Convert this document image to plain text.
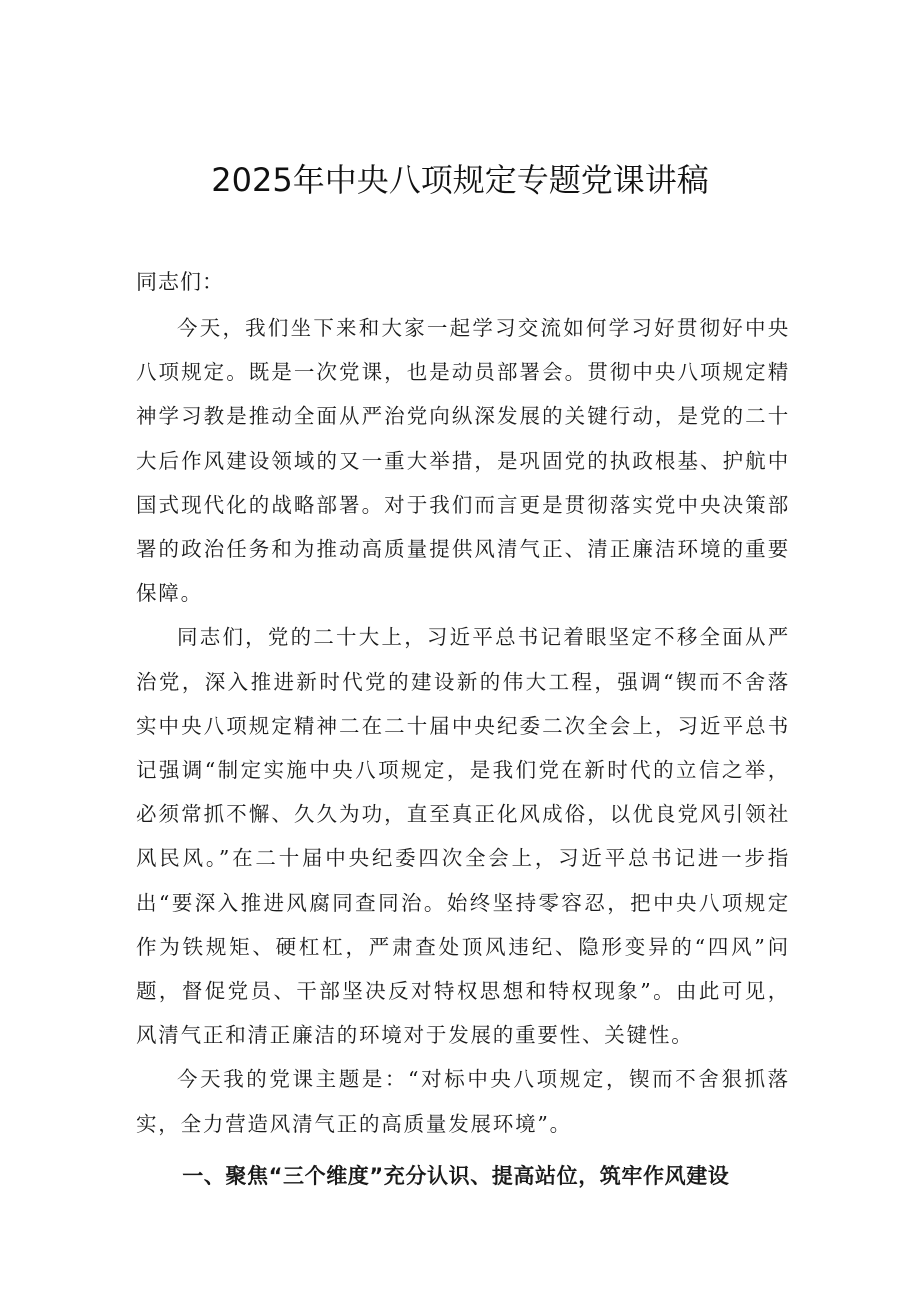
2025年中央八项规定专题党课讲稿
同志们：

今天，我们坐下来和大家一起学习交流如何学习好贯彻好中央八项规定。既是一次党课，也是动员部署会。贯彻中央八项规定精神学习教是推动全面从严治党向纵深发展的关键行动，是党的二十大后作风建设领域的又一重大举措，是巩固党的执政根基、护航中国式现代化的战略部署。对于我们而言更是贯彻落实党中央决策部署的政治任务和为推动高质量提供风清气正、清正廉洁环境的重要保障。

同志们，党的二十大上，习近平总书记着眼坚定不移全面从严治党，深入推进新时代党的建设新的伟大工程，强调“锲而不舍落实中央八项规定精神二在二十届中央纪委二次全会上，习近平总书记强调“制定实施中央八项规定，是我们党在新时代的立信之举，必须常抓不懈、久久为功，直至真正化风成俗，以优良党风引领社风民风。”在二十届中央纪委四次全会上，习近平总书记进一步指出“要深入推进风腐同查同治。始终坚持零容忍，把中央八项规定作为铁规矩、硬杠杠，严肃查处顶风违纪、隐形变异的“四风”问题，督促党员、干部坚决反对特权思想和特权现象”。由此可见，风清气正和清正廉洁的环境对于发展的重要性、关键性。

今天我的党课主题是：“对标中央八项规定，锲而不舍狠抓落实，全力营造风清气正的高质量发展环境”。

一、聚焦“三个维度”充分认识、提高站位，筑牢作风建设
